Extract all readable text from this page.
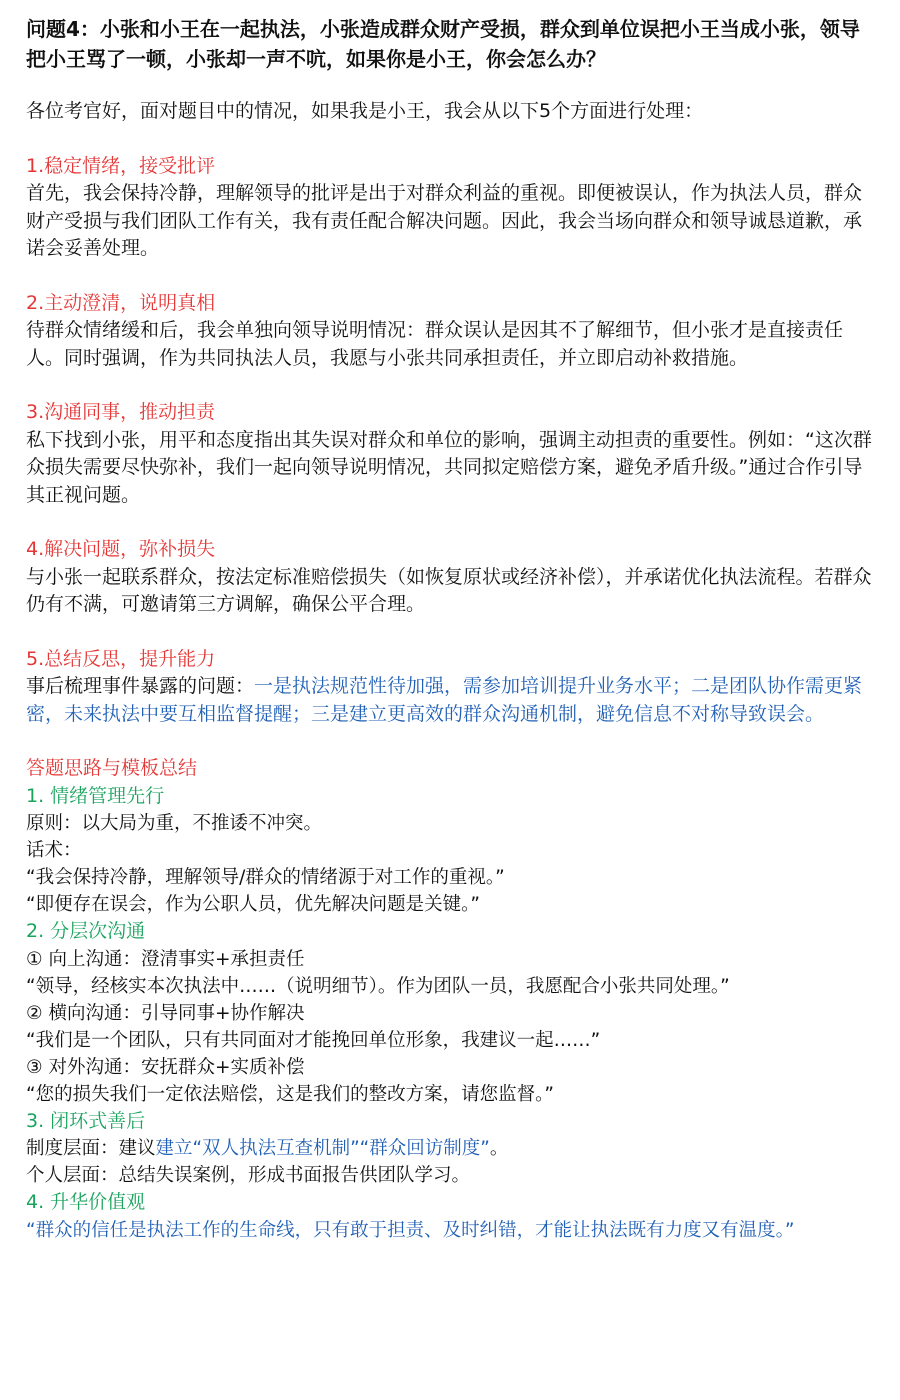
问题4：小张和小王在一起执法，小张造成群众财产受损，群众到单位误把小王当成小张，领导把小王骂了一顿，小张却一声不吭，如果你是小王，你会怎么办？

各位考官好，面对题目中的情况，如果我是小王，我会从以下5个方面进行处理：

1.稳定情绪，接受批评

首先，我会保持冷静，理解领导的批评是出于对群众利益的重视。即便被误认，作为执法人员，群众财产受损与我们团队工作有关，我有责任配合解决问题。因此，我会当场向群众和领导诚恳道歉，承诺会妥善处理。

2.主动澄清，说明真相

待群众情绪缓和后，我会单独向领导说明情况：群众误认是因其不了解细节，但小张才是直接责任人。同时强调，作为共同执法人员，我愿与小张共同承担责任，并立即启动补救措施。

3.沟通同事，推动担责

私下找到小张，用平和态度指出其失误对群众和单位的影响，强调主动担责的重要性。例如：“这次群众损失需要尽快弥补，我们一起向领导说明情况，共同拟定赔偿方案，避免矛盾升级。”通过合作引导其正视问题。

4.解决问题，弥补损失

与小张一起联系群众，按法定标准赔偿损失（如恢复原状或经济补偿），并承诺优化执法流程。若群众仍有不满，可邀请第三方调解，确保公平合理。

5.总结反思，提升能力

事后梳理事件暴露的问题：一是执法规范性待加强，需参加培训提升业务水平；二是团队协作需更紧密，未来执法中要互相监督提醒；三是建立更高效的群众沟通机制，避免信息不对称导致误会。

答题思路与模板总结

1. 情绪管理先行

原则：以大局为重，不推诿不冲突。

话术：

“我会保持冷静，理解领导/群众的情绪源于对工作的重视。”

“即便存在误会，作为公职人员，优先解决问题是关键。”

2. 分层次沟通

① 向上沟通：澄清事实+承担责任

“领导，经核实本次执法中……（说明细节）。作为团队一员，我愿配合小张共同处理。”

② 横向沟通：引导同事+协作解决

“我们是一个团队，只有共同面对才能挽回单位形象，我建议一起……”

③ 对外沟通：安抚群众+实质补偿

“您的损失我们一定依法赔偿，这是我们的整改方案，请您监督。”

3. 闭环式善后

制度层面：建议建立“双人执法互查机制”“群众回访制度”。

个人层面：总结失误案例，形成书面报告供团队学习。

4. 升华价值观

“群众的信任是执法工作的生命线，只有敢于担责、及时纠错，才能让执法既有力度又有温度。”
